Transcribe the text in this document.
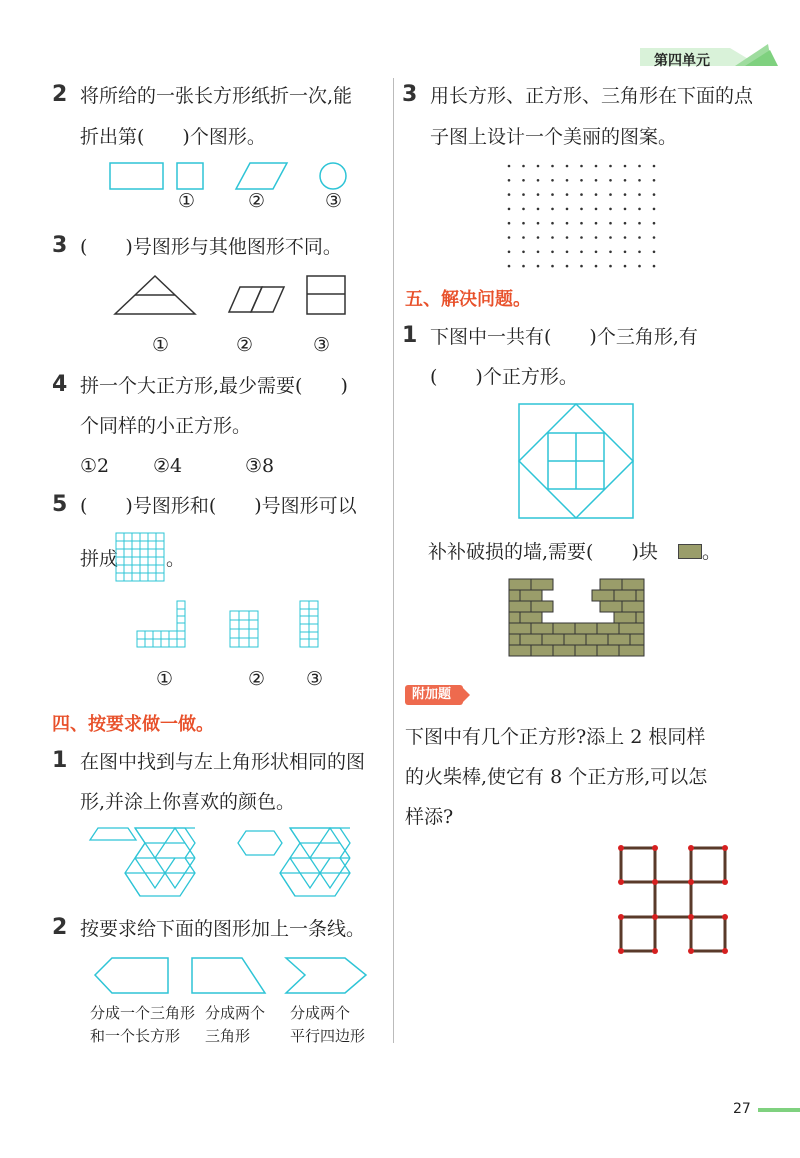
第四单元
2 将所给的一张长方形纸折一次,能
折出第(　　)个图形。
①	②	③
3 (　　)号图形与其他图形不同。
①	②	③
4 拼一个大正方形,最少需要(　　)
个同样的小正方形。
①2 ②4	③8
5 (　　)号图形和(　　)号图形可以
拼成	。
①	② ③
四、按要求做一做。
1 在图中找到与左上角形状相同的图
形,并涂上你喜欢的颜色。
2 按要求给下面的图形加上一条线。
分成一个三角形
和一个长方形
分成两个
三角形
分成两个
平行四边形
3 用长方形、正方形、三角形在下面的点
子图上设计一个美丽的图案。
五、解决问题。
1 下图中一共有(　　)个三角形,有
(　　)个正方形。
补补破损的墙,需要(　　)块 。
附加题
下图中有几个正方形?添上 2 根同样
的火柴棒,使它有 8 个正方形,可以怎
样添?
27
